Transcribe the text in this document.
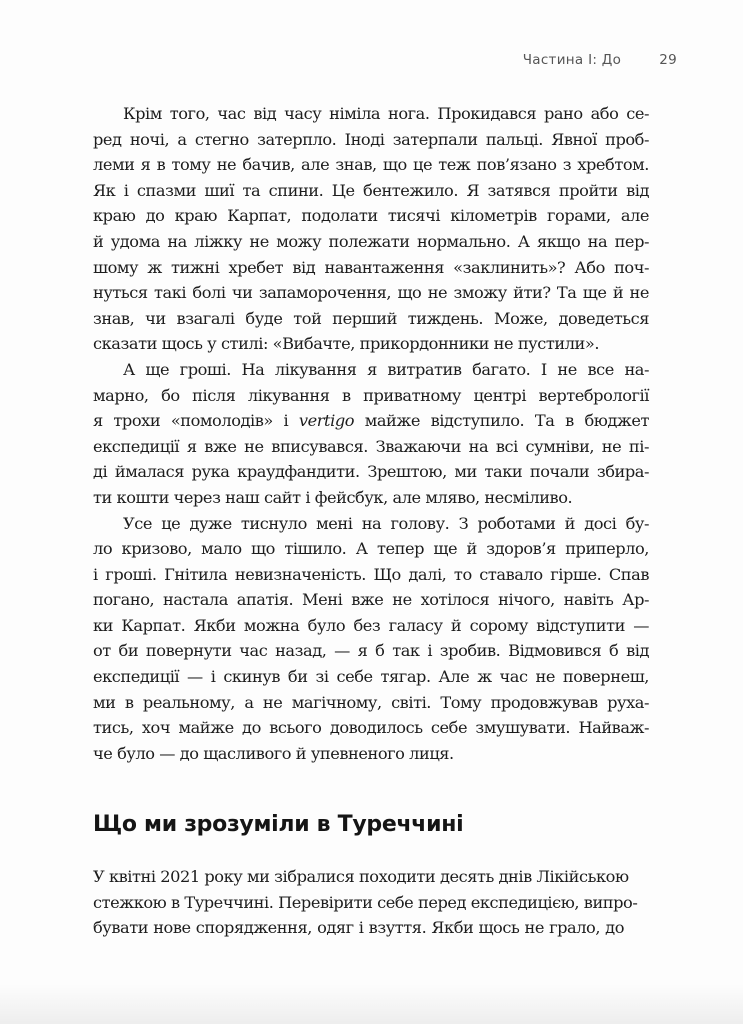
Частина І: До	29
Крім того, час від часу німіла нога. Прокидався рано або се-
ред ночі, а стегно затерпло. Іноді затерпали пальці. Явної проб-
леми я в тому не бачив, але знав, що це теж пов’язано з хребтом.
Як і спазми шиї та спини. Це бентежило. Я затявся пройти від
краю до краю Карпат, подолати тисячі кілометрів горами, але
й удома на ліжку не можу полежати нормально. А якщо на пер-
шому ж тижні хребет від навантаження «заклинить»? Або поч-
нуться такі болі чи запаморочення, що не зможу йти? Та ще й не
знав, чи взагалі буде той перший тиждень. Може, доведеться
сказати щось у стилі: «Вибачте, прикордонники не пустили».
А ще гроші. На лікування я витратив багато. І не все на-
марно, бо після лікування в приватному центрі вертебрології
я трохи «помолодів» і vertigo майже відступило. Та в бюджет
експедиції я вже не вписувався. Зважаючи на всі сумніви, не пі-
ді ймалася рука краудфандити. Зрештою, ми таки почали збира-
ти кошти через наш сайт і фейсбук, але мляво, несміливо.
Усе це дуже тиснуло мені на голову. З роботами й досі бу-
ло кризово, мало що тішило. А тепер ще й здоров’я приперло,
і гроші. Гнітила невизначеність. Що далі, то ставало гірше. Спав
погано, настала апатія. Мені вже не хотілося нічого, навіть Ар-
ки Карпат. Якби можна було без галасу й сорому відступити —
от би повернути час назад, — я б так і зробив. Відмовився б від
експедиції — і скинув би зі себе тягар. Але ж час не повернеш,
ми в реальному, а не магічному, світі. Тому продовжував руха-
тись, хоч майже до всього доводилось себе змушувати. Найваж-
че було — до щасливого й упевненого лиця.
Що ми зрозуміли в Туреччині
У квітні 2021 року ми зібралися походити десять днів Лікійською
стежкою в Туреччині. Перевірити себе перед експедицією, випро-
бувати нове спорядження, одяг і взуття. Якби щось не грало, до
